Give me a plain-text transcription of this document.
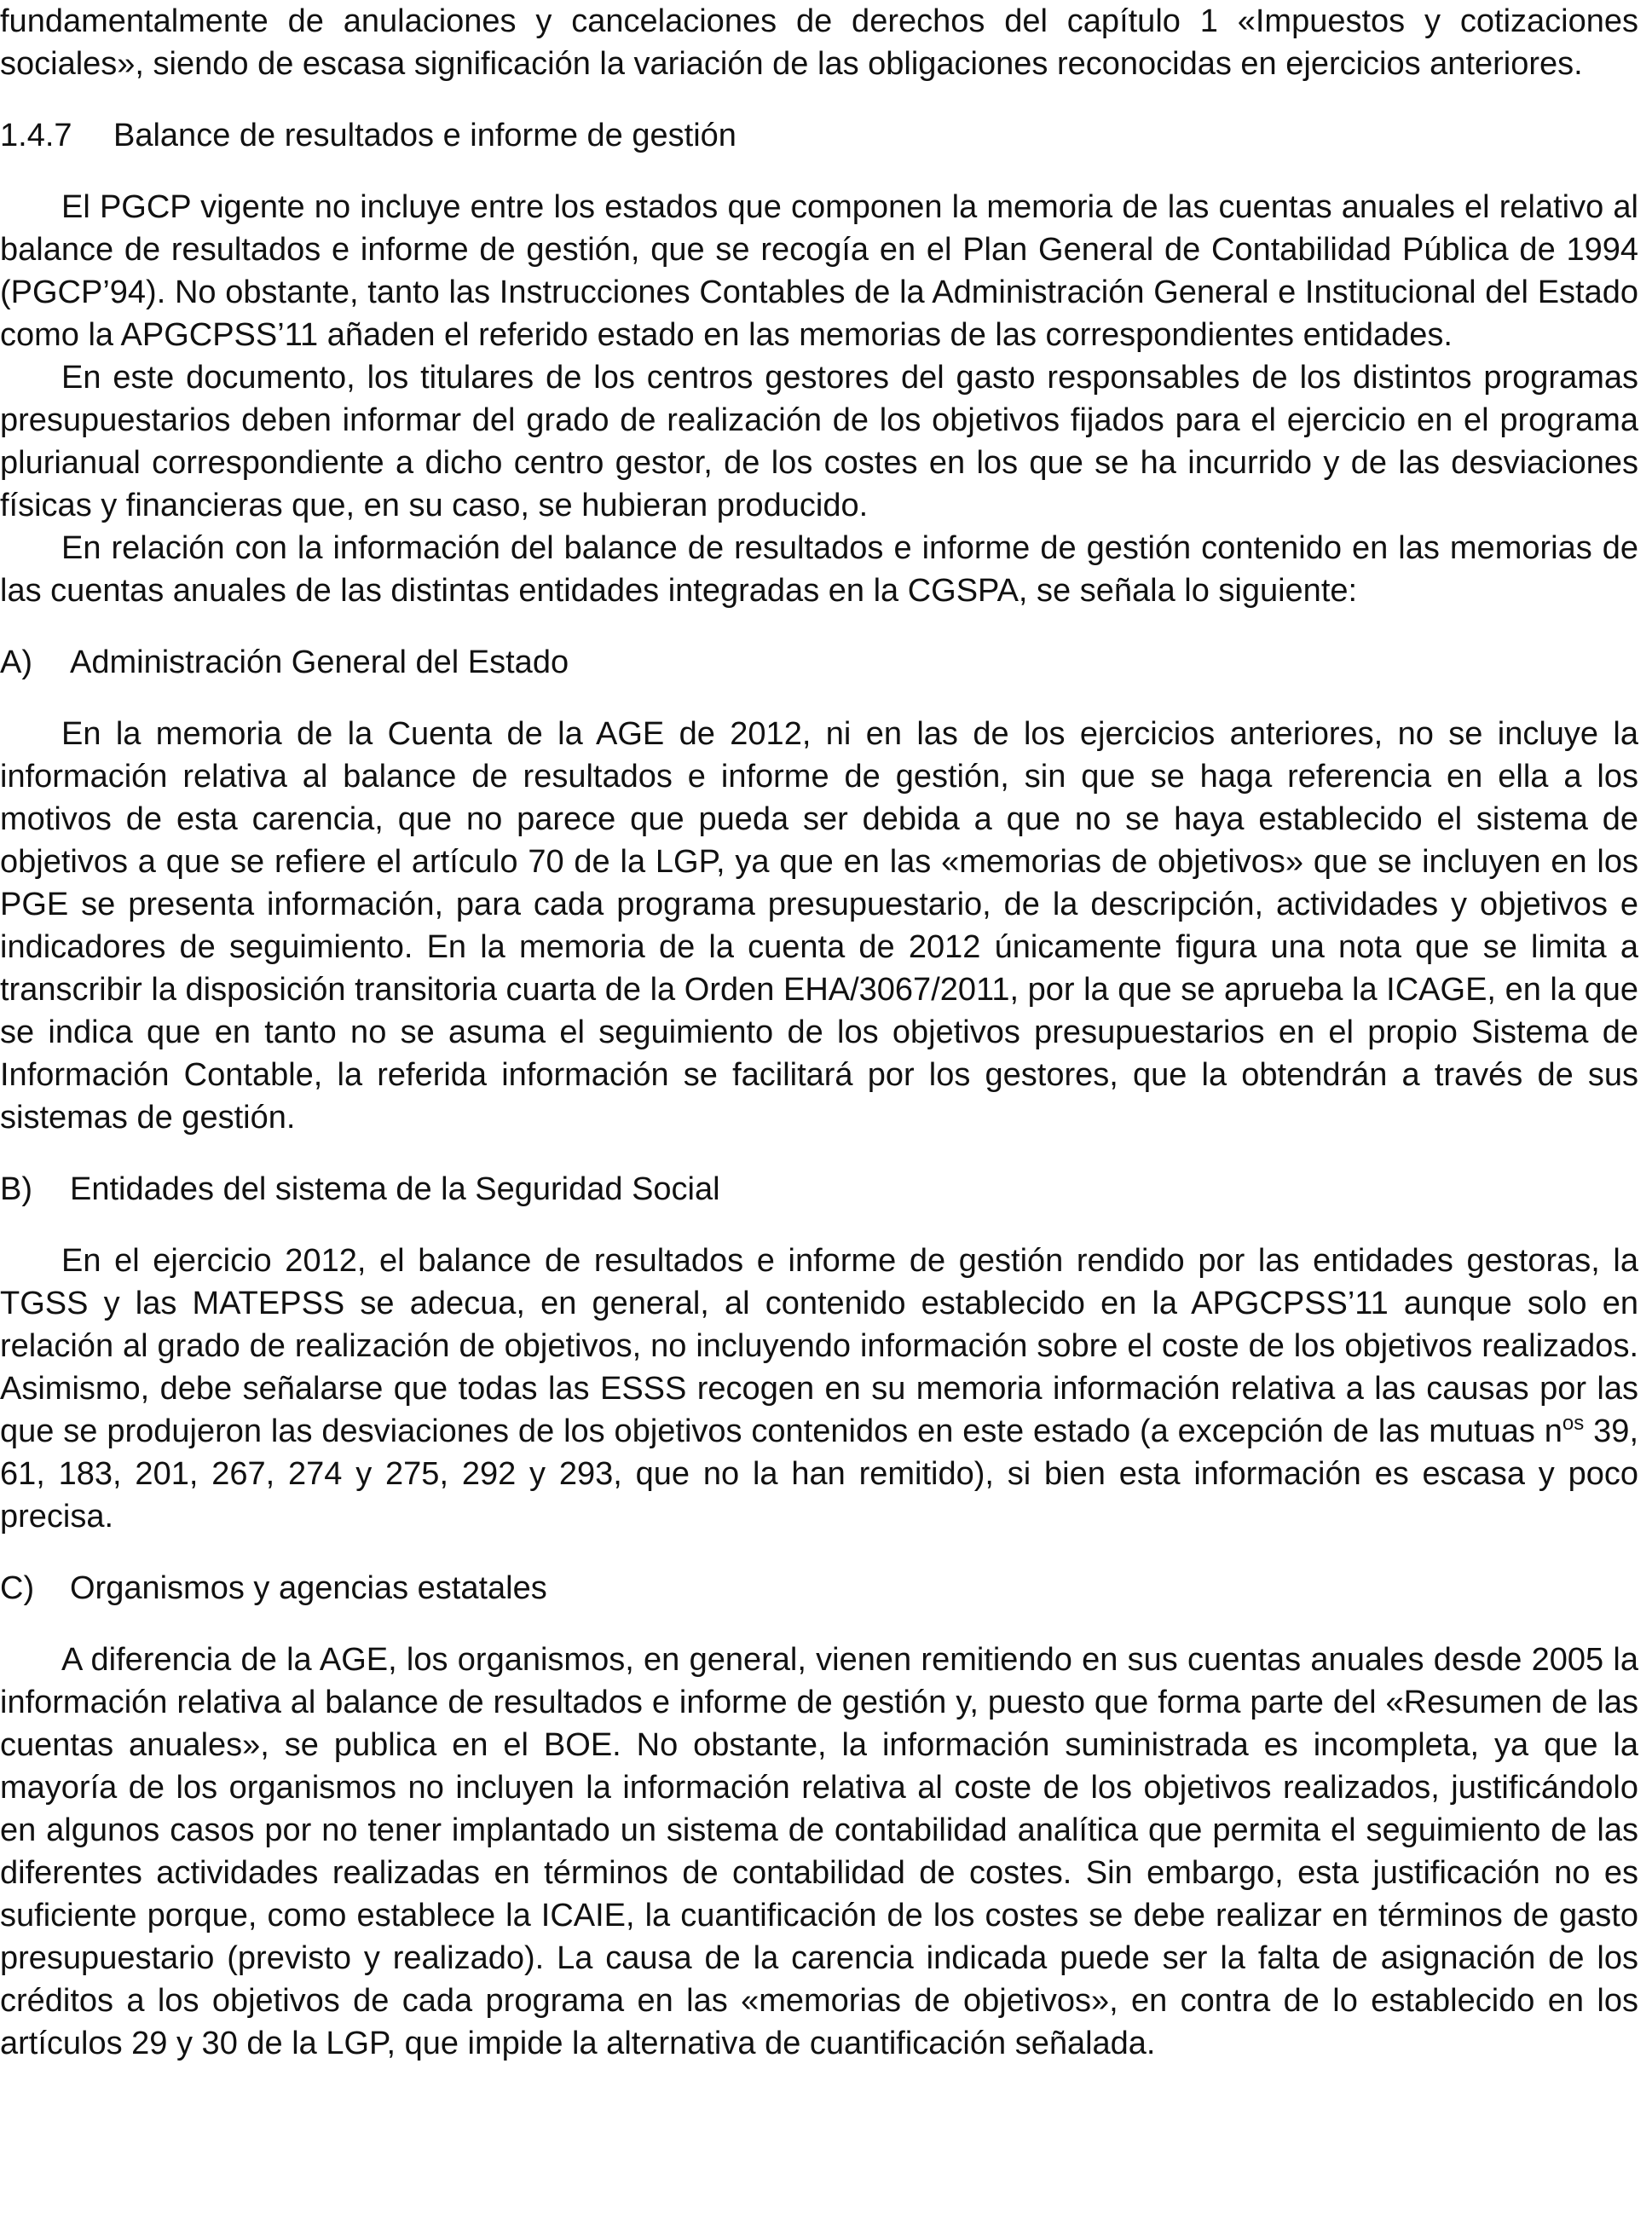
fundamentalmente de anulaciones y cancelaciones de derechos del capítulo 1 «Impuestos y cotizaciones sociales», siendo de escasa significación la variación de las obligaciones reconocidas en ejercicios anteriores.

1.4.7	Balance de resultados e informe de gestión

El PGCP vigente no incluye entre los estados que componen la memoria de las cuentas anuales el relativo al balance de resultados e informe de gestión, que se recogía en el Plan General de Contabilidad Pública de 1994 (PGCP’94). No obstante, tanto las Instrucciones Contables de la Administración General e Institucional del Estado como la APGCPSS’11 añaden el referido estado en las memorias de las correspondientes entidades.

En este documento, los titulares de los centros gestores del gasto responsables de los distintos programas presupuestarios deben informar del grado de realización de los objetivos fijados para el ejercicio en el programa plurianual correspondiente a dicho centro gestor, de los costes en los que se ha incurrido y de las desviaciones físicas y financieras que, en su caso, se hubieran producido.

En relación con la información del balance de resultados e informe de gestión contenido en las memorias de las cuentas anuales de las distintas entidades integradas en la CGSPA, se señala lo siguiente:

A)	Administración General del Estado

En la memoria de la Cuenta de la AGE de 2012, ni en las de los ejercicios anteriores, no se incluye la información relativa al balance de resultados e informe de gestión, sin que se haga referencia en ella a los motivos de esta carencia, que no parece que pueda ser debida a que no se haya establecido el sistema de objetivos a que se refiere el artículo 70 de la LGP, ya que en las «memorias de objetivos» que se incluyen en los PGE se presenta información, para cada programa presupuestario, de la descripción, actividades y objetivos e indicadores de seguimiento. En la memoria de la cuenta de 2012 únicamente figura una nota que se limita a transcribir la disposición transitoria cuarta de la Orden EHA/3067/2011, por la que se aprueba la ICAGE, en la que se indica que en tanto no se asuma el seguimiento de los objetivos presupuestarios en el propio Sistema de Información Contable, la referida información se facilitará por los gestores, que la obtendrán a través de sus sistemas de gestión.

B)	Entidades del sistema de la Seguridad Social

En el ejercicio 2012, el balance de resultados e informe de gestión rendido por las entidades gestoras, la TGSS y las MATEPSS se adecua, en general, al contenido establecido en la APGCPSS’11 aunque solo en relación al grado de realización de objetivos, no incluyendo información sobre el coste de los objetivos realizados. Asimismo, debe señalarse que todas las ESSS recogen en su memoria información relativa a las causas por las que se produjeron las desviaciones de los objetivos contenidos en este estado (a excepción de las mutuas $n^{os}$ 39, 61, 183, 201, 267, 274 y 275, 292 y 293, que no la han remitido), si bien esta información es escasa y poco precisa.

C)	Organismos y agencias estatales

A diferencia de la AGE, los organismos, en general, vienen remitiendo en sus cuentas anuales desde 2005 la información relativa al balance de resultados e informe de gestión y, puesto que forma parte del «Resumen de las cuentas anuales», se publica en el BOE. No obstante, la información suministrada es incompleta, ya que la mayoría de los organismos no incluyen la información relativa al coste de los objetivos realizados, justificándolo en algunos casos por no tener implantado un sistema de contabilidad analítica que permita el seguimiento de las diferentes actividades realizadas en términos de contabilidad de costes. Sin embargo, esta justificación no es suficiente porque, como establece la ICAIE, la cuantificación de los costes se debe realizar en términos de gasto presupuestario (previsto y realizado). La causa de la carencia indicada puede ser la falta de asignación de los créditos a los objetivos de cada programa en las «memorias de objetivos», en contra de lo establecido en los artículos 29 y 30 de la LGP, que impide la alternativa de cuantificación señalada.
